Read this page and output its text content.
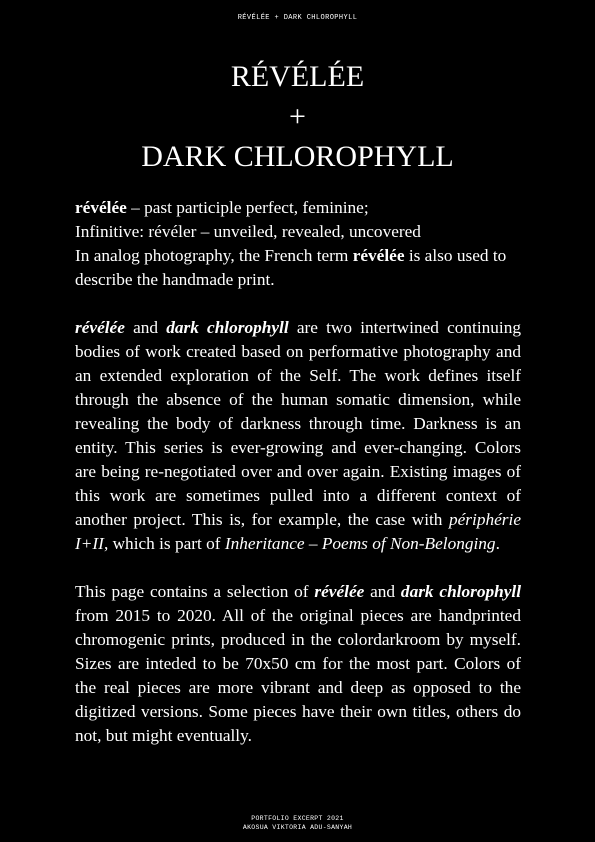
RÉVÉLÉE + DARK CHLOROPHYLL
RÉVÉLÉE
+
DARK CHLOROPHYLL

révélée – past participle perfect, feminine;
Infinitive: révéler – unveiled, revealed, uncovered
In analog photography, the French term révélée is also used to describe the handmade print.

révélée and dark chlorophyll are two intertwined continuing bodies of work created based on performative photography and an extended exploration of the Self. The work defines itself through the absence of the human somatic dimension, while revealing the body of darkness through time. Darkness is an entity. This series is ever-growing and ever-changing. Colors are being re-negotiated over and over again. Existing images of this work are sometimes pulled into a different context of another project. This is, for example, the case with périphérie I+II, which is part of Inheritance – Poems of Non-Belonging.

This page contains a selection of révélée and dark chlorophyll from 2015 to 2020. All of the original pieces are handprinted chromogenic prints, produced in the colordarkroom by myself. Sizes are inteded to be 70x50 cm for the most part. Colors of the real pieces are more vibrant and deep as opposed to the digitized versions. Some pieces have their own titles, others do not, but might eventually.

PORTFOLIO EXCERPT 2021
AKOSUA VIKTORIA ADU-SANYAH
